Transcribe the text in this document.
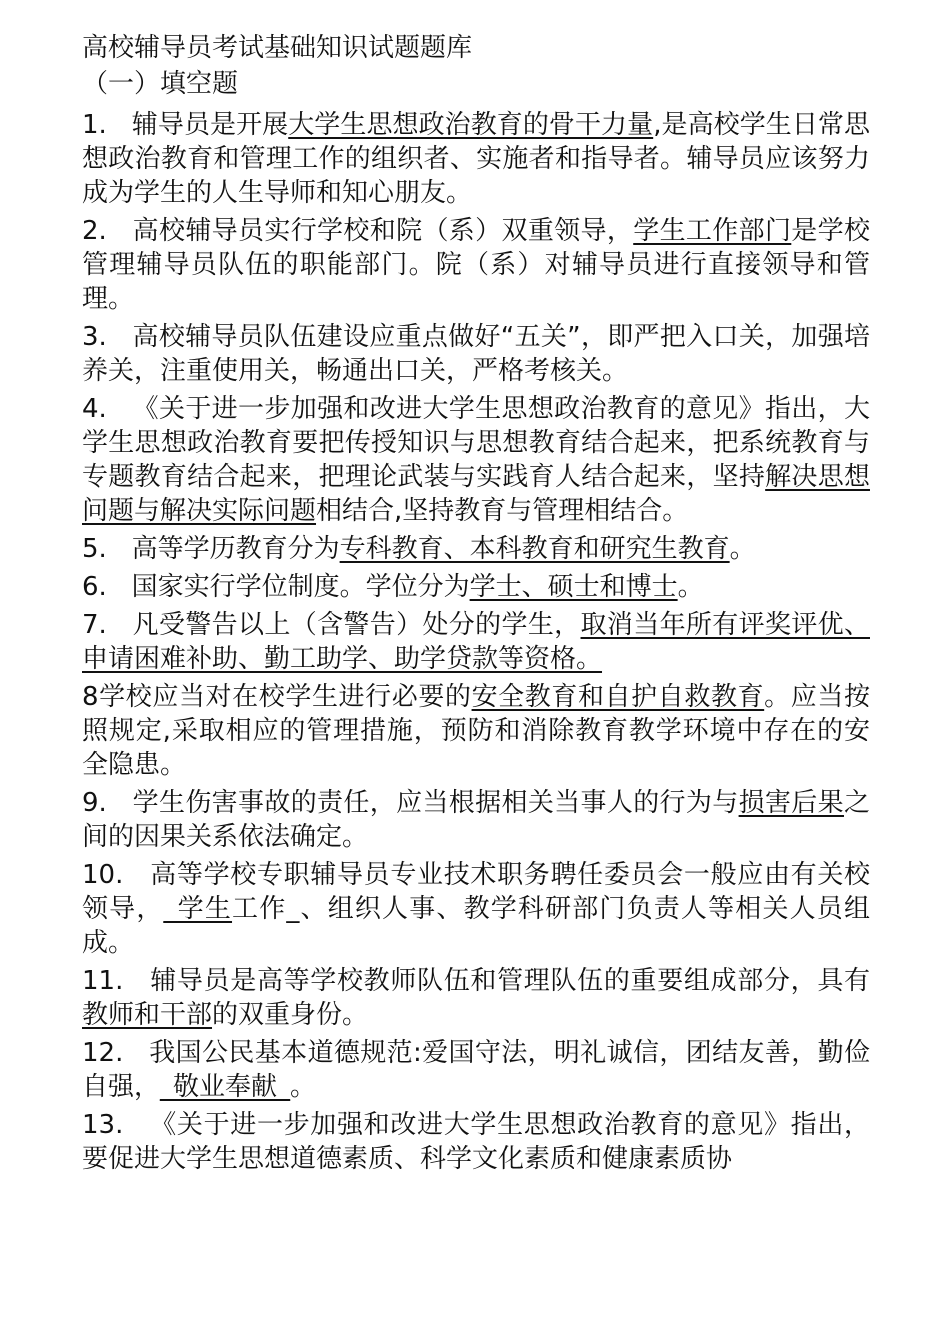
高校辅导员考试基础知识试题题库
（一）填空题

1.   辅导员是开展大学生思想政治教育的骨干力量,是高校学生日常思想政治教育和管理工作的组织者、实施者和指导者。辅导员应该努力成为学生的人生导师和知心朋友。

2.   高校辅导员实行学校和院（系）双重领导，学生工作部门是学校管理辅导员队伍的职能部门。院（系）对辅导员进行直接领导和管理。

3.   高校辅导员队伍建设应重点做好“五关”，即严把入口关，加强培养关，注重使用关，畅通出口关，严格考核关。

4.   《关于进一步加强和改进大学生思想政治教育的意见》指出，大学生思想政治教育要把传授知识与思想教育结合起来，把系统教育与专题教育结合起来，把理论武装与实践育人结合起来，坚持解决思想问题与解决实际问题相结合,坚持教育与管理相结合。

5.   高等学历教育分为专科教育、本科教育和研究生教育。

6.   国家实行学位制度。学位分为学士、硕士和博士。

7.   凡受警告以上（含警告）处分的学生，取消当年所有评奖评优、申请困难补助、勤工助学、助学贷款等资格。

8学校应当对在校学生进行必要的安全教育和自护自救教育。应当按照规定,采取相应的管理措施，预防和消除教育教学环境中存在的安全隐患。

9.   学生伤害事故的责任，应当根据相关当事人的行为与损害后果之间的因果关系依法确定。

10.   高等学校专职辅导员专业技术职务聘任委员会一般应由有关校领导，_学生工作_、组织人事、教学科研部门负责人等相关人员组成。

11.   辅导员是高等学校教师队伍和管理队伍的重要组成部分，具有教师和干部的双重身份。

12.   我国公民基本道德规范:爱国守法，明礼诚信，团结友善，勤俭自强，_敬业奉献_。

13.   《关于进一步加强和改进大学生思想政治教育的意见》指出，要促进大学生思想道德素质、科学文化素质和健康素质协
